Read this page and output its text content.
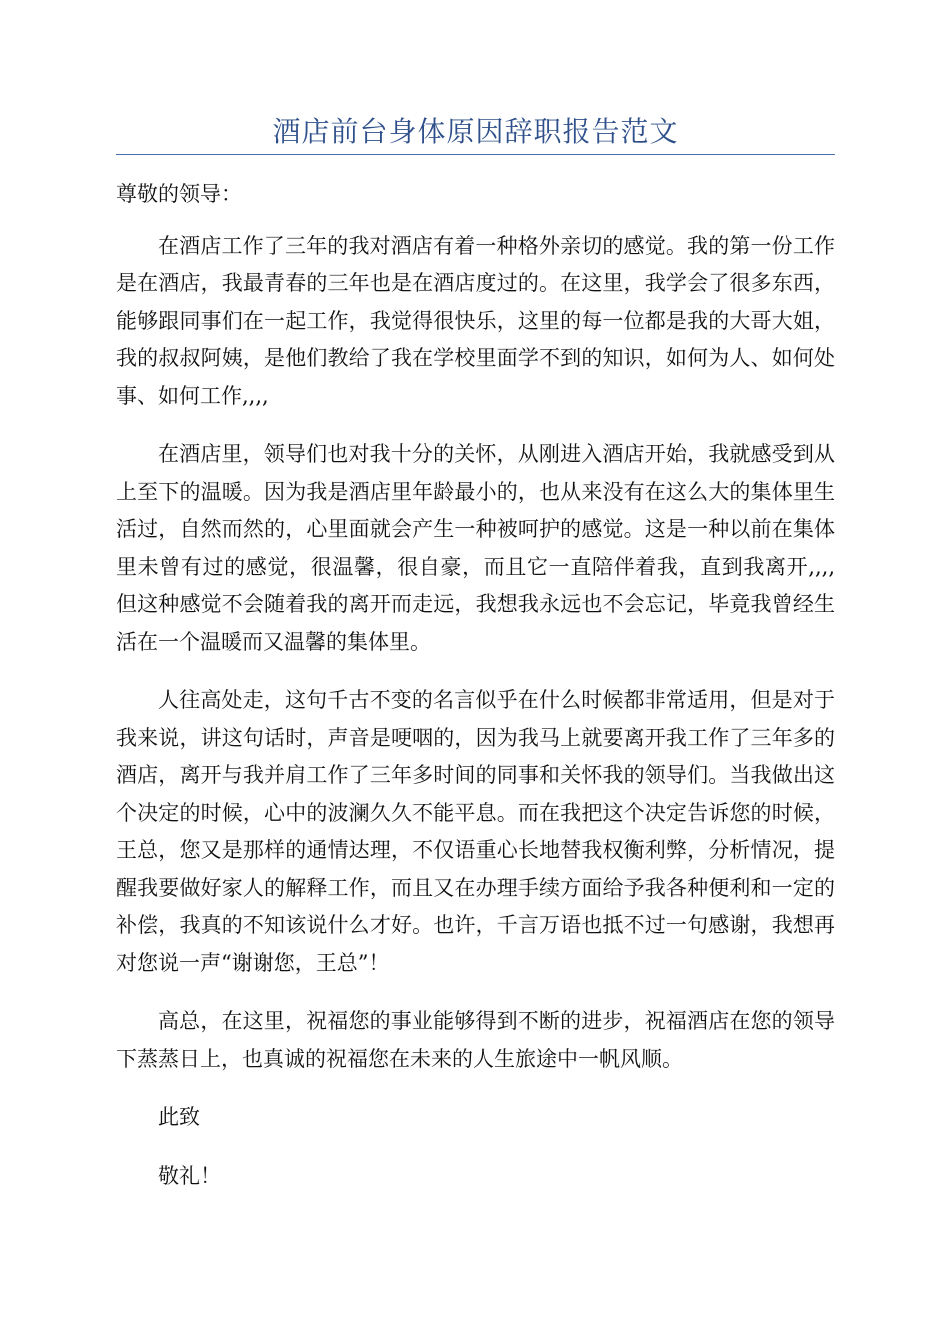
酒店前台身体原因辞职报告范文

尊敬的领导：

在酒店工作了三年的我对酒店有着一种格外亲切的感觉。我的第一份工作是在酒店，我最青春的三年也是在酒店度过的。在这里，我学会了很多东西，能够跟同事们在一起工作，我觉得很快乐，这里的每一位都是我的大哥大姐，我的叔叔阿姨，是他们教给了我在学校里面学不到的知识，如何为人、如何处事、如何工作,,,,

在酒店里，领导们也对我十分的关怀，从刚进入酒店开始，我就感受到从上至下的温暖。因为我是酒店里年龄最小的，也从来没有在这么大的集体里生活过，自然而然的，心里面就会产生一种被呵护的感觉。这是一种以前在集体里未曾有过的感觉，很温馨，很自豪，而且它一直陪伴着我，直到我离开,,,,但这种感觉不会随着我的离开而走远，我想我永远也不会忘记，毕竟我曾经生活在一个温暖而又温馨的集体里。

人往高处走，这句千古不变的名言似乎在什么时候都非常适用，但是对于我来说，讲这句话时，声音是哽咽的，因为我马上就要离开我工作了三年多的酒店，离开与我并肩工作了三年多时间的同事和关怀我的领导们。当我做出这个决定的时候，心中的波澜久久不能平息。而在我把这个决定告诉您的时候，王总，您又是那样的通情达理，不仅语重心长地替我权衡利弊，分析情况，提醒我要做好家人的解释工作，而且又在办理手续方面给予我各种便利和一定的补偿，我真的不知该说什么才好。也许，千言万语也抵不过一句感谢，我想再对您说一声“谢谢您，王总”！

高总，在这里，祝福您的事业能够得到不断的进步，祝福酒店在您的领导下蒸蒸日上，也真诚的祝福您在未来的人生旅途中一帆风顺。

此致

敬礼！
